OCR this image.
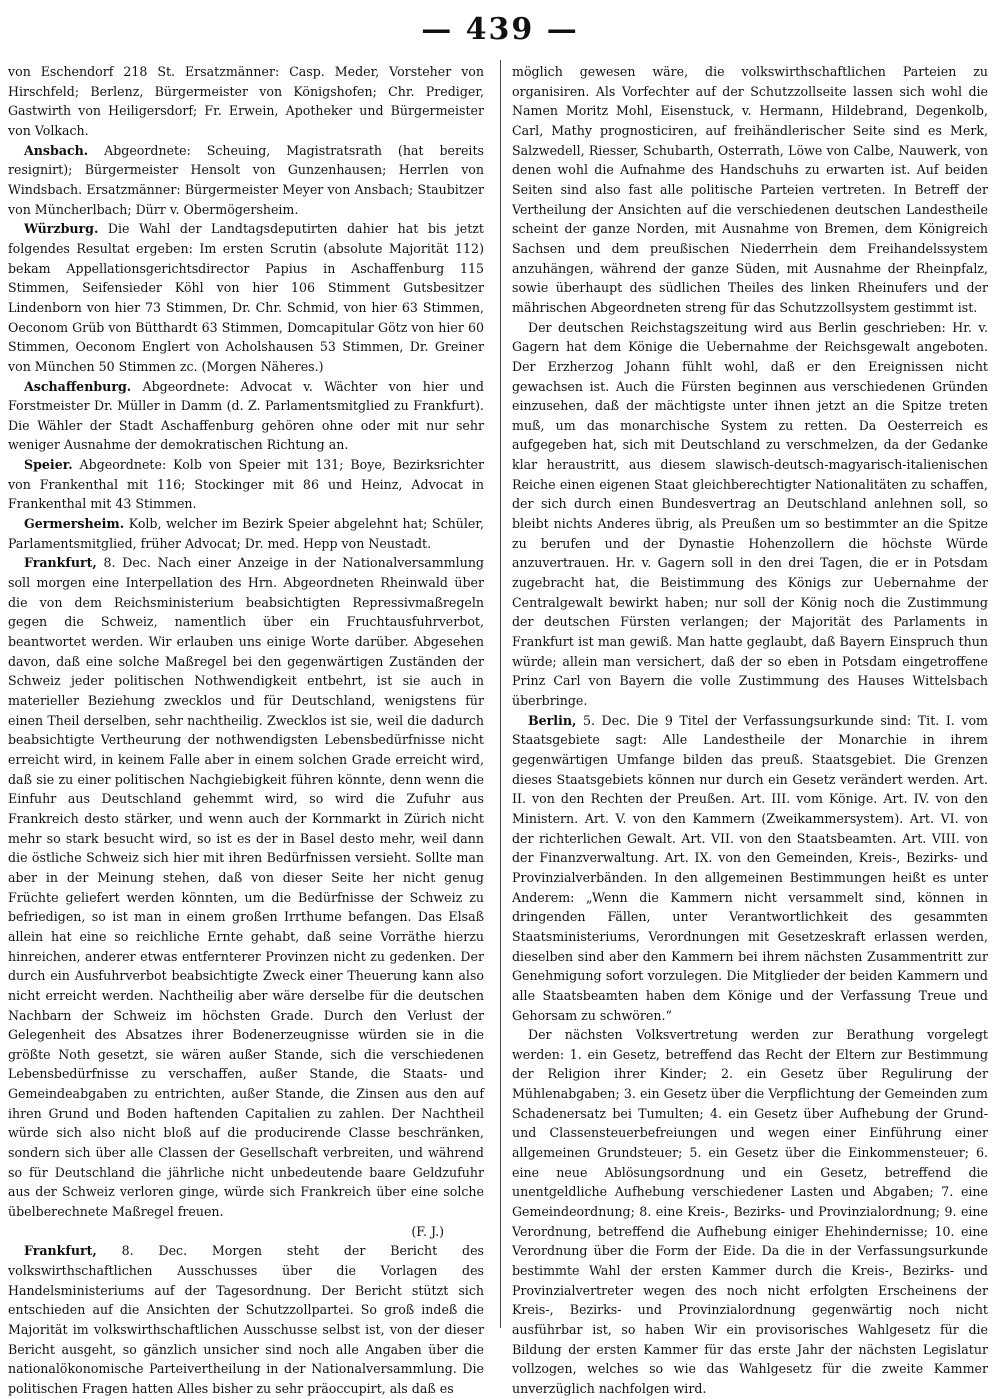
— 439 —

von Eschendorf 218 St. Ersatzmänner: Casp. Meder, Vorsteher von Hirschfeld; Berlenz, Bürgermeister von Königshofen; Chr. Prediger, Gastwirth von Heiligersdorf; Fr. Erwein, Apotheker und Bürgermeister von Volkach.

Ansbach. Abgeordnete: Scheuing, Magistratsrath (hat bereits resignirt); Bürgermeister Hensolt von Gunzenhausen; Herrlen von Windsbach. Ersatzmänner: Bürgermeister Meyer von Ansbach; Staubitzer von Müncherlbach; Dürr v. Obermögersheim.

Würzburg. Die Wahl der Landtagsdeputirten dahier hat bis jetzt folgendes Resultat ergeben: Im ersten Scrutin (absolute Majorität 112) bekam Appellationsgerichtsdirector Papius in Aschaffenburg 115 Stimmen, Seifensieder Köhl von hier 106 Stimment Gutsbesitzer Lindenborn von hier 73 Stimmen, Dr. Chr. Schmid, von hier 63 Stimmen, Oeconom Grüb von Bütthardt 63 Stimmen, Domcapitular Götz von hier 60 Stimmen, Oeconom Englert von Acholshausen 53 Stimmen, Dr. Greiner von München 50 Stimmen zc. (Morgen Näheres.)

Aschaffenburg. Abgeordnete: Advocat v. Wächter von hier und Forstmeister Dr. Müller in Damm (d. Z. Parlamentsmitglied zu Frankfurt). Die Wähler der Stadt Aschaffenburg gehören ohne oder mit nur sehr weniger Ausnahme der demokratischen Richtung an.

Speier. Abgeordnete: Kolb von Speier mit 131; Boye, Bezirksrichter von Frankenthal mit 116; Stockinger mit 86 und Heinz, Advocat in Frankenthal mit 43 Stimmen.

Germersheim. Kolb, welcher im Bezirk Speier abgelehnt hat; Schüler, Parlamentsmitglied, früher Advocat; Dr. med. Hepp von Neustadt.

Frankfurt, 8. Dec. Nach einer Anzeige in der Nationalversammlung soll morgen eine Interpellation des Hrn. Abgeordneten Rheinwald über die von dem Reichsministerium beabsichtigten Repressivmaßregeln gegen die Schweiz, namentlich über ein Fruchtausfuhrverbot, beantwortet werden. Wir erlauben uns einige Worte darüber. Abgesehen davon, daß eine solche Maßregel bei den gegenwärtigen Zuständen der Schweiz jeder politischen Nothwendigkeit entbehrt, ist sie auch in materieller Beziehung zwecklos und für Deutschland, wenigstens für einen Theil derselben, sehr nachtheilig. Zwecklos ist sie, weil die dadurch beabsichtigte Vertheurung der nothwendigsten Lebensbedürfnisse nicht erreicht wird, in keinem Falle aber in einem solchen Grade erreicht wird, daß sie zu einer politischen Nachgiebigkeit führen könnte, denn wenn die Einfuhr aus Deutschland gehemmt wird, so wird die Zufuhr aus Frankreich desto stärker, und wenn auch der Kornmarkt in Zürich nicht mehr so stark besucht wird, so ist es der in Basel desto mehr, weil dann die östliche Schweiz sich hier mit ihren Bedürfnissen versieht. Sollte man aber in der Meinung stehen, daß von dieser Seite her nicht genug Früchte geliefert werden könnten, um die Bedürfnisse der Schweiz zu befriedigen, so ist man in einem großen Irrthume befangen. Das Elsaß allein hat eine so reichliche Ernte gehabt, daß seine Vorräthe hierzu hinreichen, anderer etwas entfernterer Provinzen nicht zu gedenken. Der durch ein Ausfuhrverbot beabsichtigte Zweck einer Theuerung kann also nicht erreicht werden. Nachtheilig aber wäre derselbe für die deutschen Nachbarn der Schweiz im höchsten Grade. Durch den Verlust der Gelegenheit des Absatzes ihrer Bodenerzeugnisse würden sie in die größte Noth gesetzt, sie wären außer Stande, sich die verschiedenen Lebensbedürfnisse zu verschaffen, außer Stande, die Staats- und Gemeindeabgaben zu entrichten, außer Stande, die Zinsen aus den auf ihren Grund und Boden haftenden Capitalien zu zahlen. Der Nachtheil würde sich also nicht bloß auf die producirende Classe beschränken, sondern sich über alle Classen der Gesellschaft verbreiten, und während so für Deutschland die jährliche nicht unbedeutende baare Geldzufuhr aus der Schweiz verloren ginge, würde sich Frankreich über eine solche übelberechnete Maßregel freuen.

(F. J.)

Frankfurt, 8. Dec. Morgen steht der Bericht des volkswirthschaftlichen Ausschusses über die Vorlagen des Handelsministeriums auf der Tagesordnung. Der Bericht stützt sich entschieden auf die Ansichten der Schutzzollpartei. So groß indeß die Majorität im volkswirthschaftlichen Ausschusse selbst ist, von der dieser Bericht ausgeht, so gänzlich unsicher sind noch alle Angaben über die nationalökonomische Parteivertheilung in der Nationalversammlung. Die politischen Fragen hatten Alles bisher zu sehr präoccupirt, als daß es

möglich gewesen wäre, die volkswirthschaftlichen Parteien zu organisiren. Als Vorfechter auf der Schutzzollseite lassen sich wohl die Namen Moritz Mohl, Eisenstuck, v. Hermann, Hildebrand, Degenkolb, Carl, Mathy prognosticiren, auf freihändlerischer Seite sind es Merk, Salzwedell, Riesser, Schubarth, Osterrath, Löwe von Calbe, Nauwerk, von denen wohl die Aufnahme des Handschuhs zu erwarten ist. Auf beiden Seiten sind also fast alle politische Parteien vertreten. In Betreff der Vertheilung der Ansichten auf die verschiedenen deutschen Landestheile scheint der ganze Norden, mit Ausnahme von Bremen, dem Königreich Sachsen und dem preußischen Niederrhein dem Freihandelssystem anzuhängen, während der ganze Süden, mit Ausnahme der Rheinpfalz, sowie überhaupt des südlichen Theiles des linken Rheinufers und der mährischen Abgeordneten streng für das Schutzzollsystem gestimmt ist.

Der deutschen Reichstagszeitung wird aus Berlin geschrieben: Hr. v. Gagern hat dem Könige die Uebernahme der Reichsgewalt angeboten. Der Erzherzog Johann fühlt wohl, daß er den Ereignissen nicht gewachsen ist. Auch die Fürsten beginnen aus verschiedenen Gründen einzusehen, daß der mächtigste unter ihnen jetzt an die Spitze treten muß, um das monarchische System zu retten. Da Oesterreich es aufgegeben hat, sich mit Deutschland zu verschmelzen, da der Gedanke klar heraustritt, aus diesem slawisch-deutsch-magyarisch-italienischen Reiche einen eigenen Staat gleichberechtigter Nationalitäten zu schaffen, der sich durch einen Bundesvertrag an Deutschland anlehnen soll, so bleibt nichts Anderes übrig, als Preußen um so bestimmter an die Spitze zu berufen und der Dynastie Hohenzollern die höchste Würde anzuvertrauen. Hr. v. Gagern soll in den drei Tagen, die er in Potsdam zugebracht hat, die Beistimmung des Königs zur Uebernahme der Centralgewalt bewirkt haben; nur soll der König noch die Zustimmung der deutschen Fürsten verlangen; der Majorität des Parlaments in Frankfurt ist man gewiß. Man hatte geglaubt, daß Bayern Einspruch thun würde; allein man versichert, daß der so eben in Potsdam eingetroffene Prinz Carl von Bayern die volle Zustimmung des Hauses Wittelsbach überbringe.

Berlin, 5. Dec. Die 9 Titel der Verfassungsurkunde sind: Tit. I. vom Staatsgebiete sagt: Alle Landestheile der Monarchie in ihrem gegenwärtigen Umfange bilden das preuß. Staatsgebiet. Die Grenzen dieses Staatsgebiets können nur durch ein Gesetz verändert werden. Art. II. von den Rechten der Preußen. Art. III. vom Könige. Art. IV. von den Ministern. Art. V. von den Kammern (Zweikammersystem). Art. VI. von der richterlichen Gewalt. Art. VII. von den Staatsbeamten. Art. VIII. von der Finanzverwaltung. Art. IX. von den Gemeinden, Kreis-, Bezirks- und Provinzialverbänden. In den allgemeinen Bestimmungen heißt es unter Anderem: „Wenn die Kammern nicht versammelt sind, können in dringenden Fällen, unter Verantwortlichkeit des gesammten Staatsministeriums, Verordnungen mit Gesetzeskraft erlassen werden, dieselben sind aber den Kammern bei ihrem nächsten Zusammentritt zur Genehmigung sofort vorzulegen. Die Mitglieder der beiden Kammern und alle Staatsbeamten haben dem Könige und der Verfassung Treue und Gehorsam zu schwören.“

Der nächsten Volksvertretung werden zur Berathung vorgelegt werden: 1. ein Gesetz, betreffend das Recht der Eltern zur Bestimmung der Religion ihrer Kinder; 2. ein Gesetz über Regulirung der Mühlenabgaben; 3. ein Gesetz über die Verpflichtung der Gemeinden zum Schadenersatz bei Tumulten; 4. ein Gesetz über Aufhebung der Grund- und Classensteuerbefreiungen und wegen einer Einführung einer allgemeinen Grundsteuer; 5. ein Gesetz über die Einkommensteuer; 6. eine neue Ablösungsordnung und ein Gesetz, betreffend die unentgeldliche Aufhebung verschiedener Lasten und Abgaben; 7. eine Gemeindeordnung; 8. eine Kreis-, Bezirks- und Provinzialordnung; 9. eine Verordnung, betreffend die Aufhebung einiger Ehehindernisse; 10. eine Verordnung über die Form der Eide. Da die in der Verfassungsurkunde bestimmte Wahl der ersten Kammer durch die Kreis-, Bezirks- und Provinzialvertreter wegen des noch nicht erfolgten Erscheinens der Kreis-, Bezirks- und Provinzialordnung gegenwärtig noch nicht ausführbar ist, so haben Wir ein provisorisches Wahlgesetz für die Bildung der ersten Kammer für das erste Jahr der nächsten Legislatur vollzogen, welches so wie das Wahlgesetz für die zweite Kammer unverzüglich nachfolgen wird.
